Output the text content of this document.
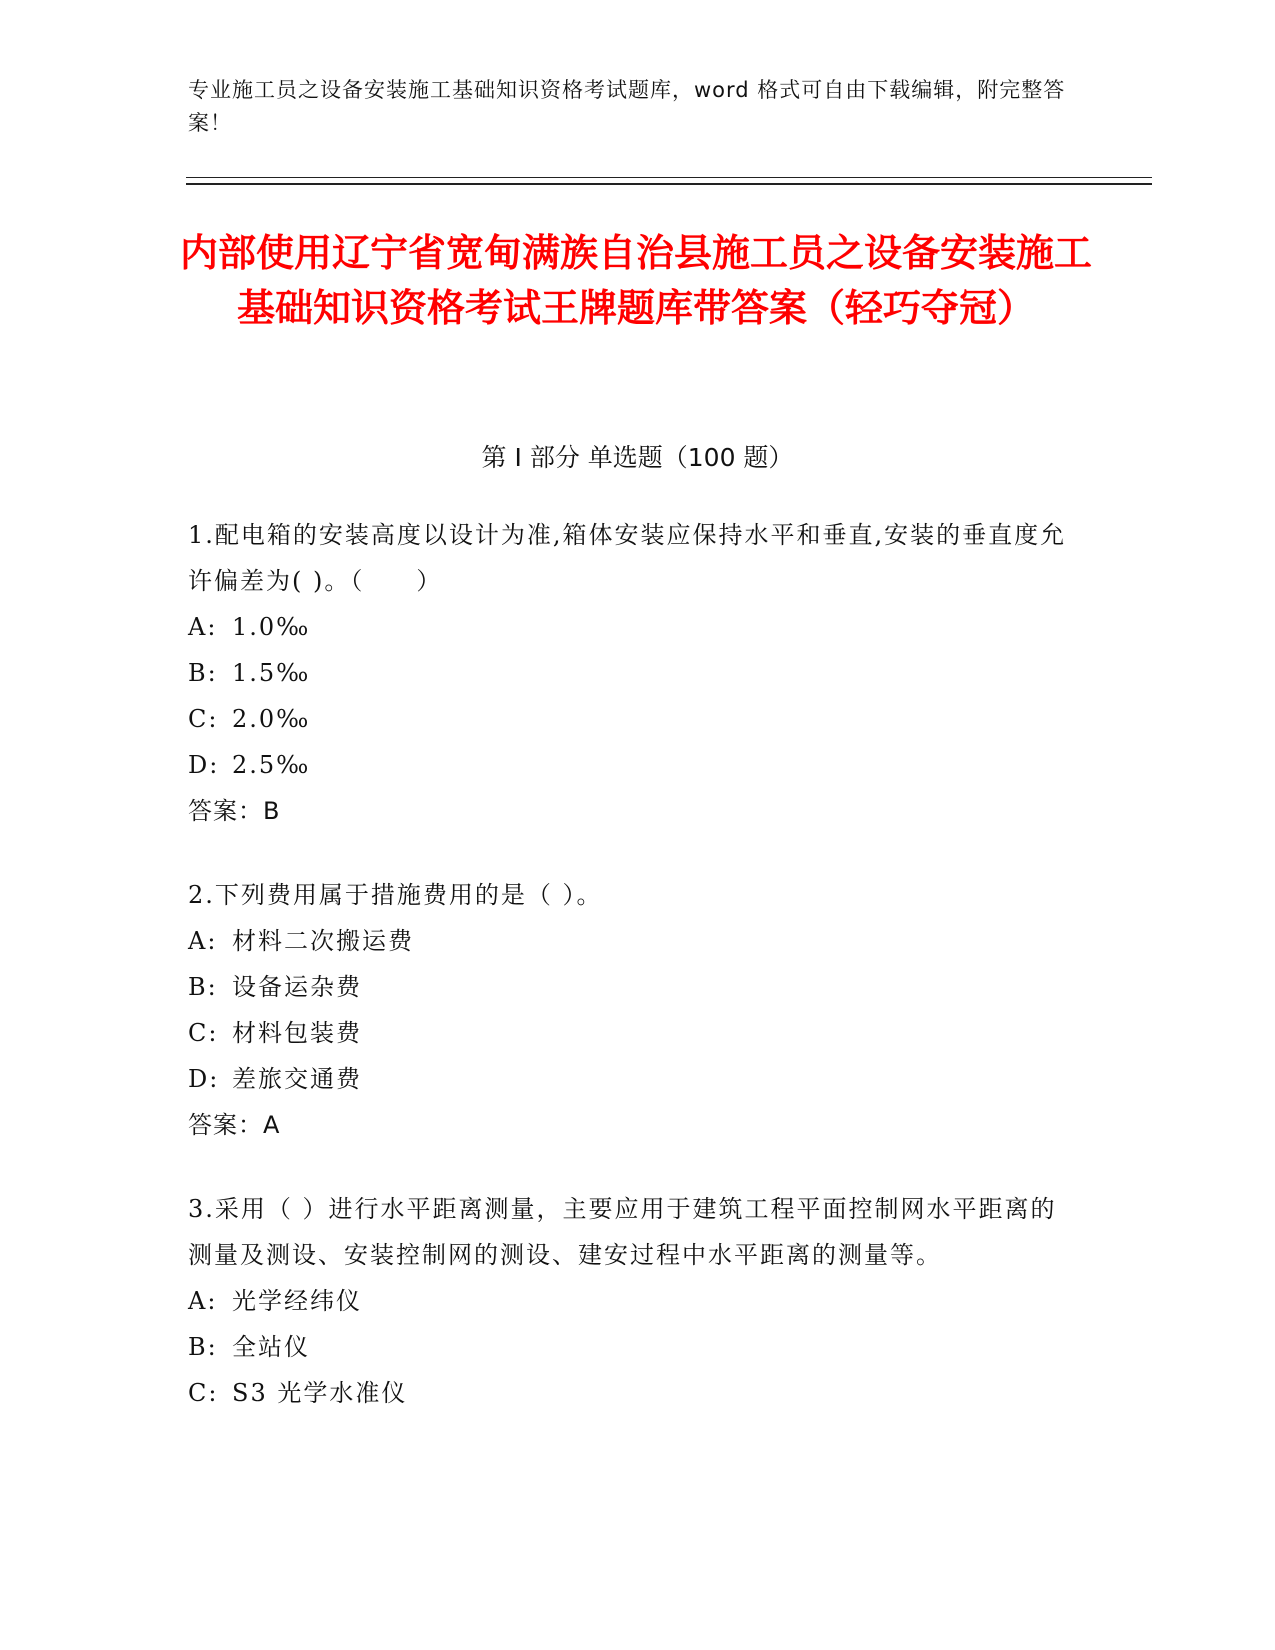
专业施工员之设备安装施工基础知识资格考试题库，word 格式可自由下载编辑，附完整答案！
内部使用辽宁省宽甸满族自治县施工员之设备安装施工基础知识资格考试王牌题库带答案（轻巧夺冠）
第 I 部分 单选题（100 题）
1.配电箱的安装高度以设计为准,箱体安装应保持水平和垂直,安装的垂直度允许偏差为( )。（　　）
A: 1.0‰
B: 1.5‰
C: 2.0‰
D: 2.5‰
答案：B
2.下列费用属于措施费用的是（ ）。
A: 材料二次搬运费
B: 设备运杂费
C: 材料包装费
D: 差旅交通费
答案：A
3.采用（ ）进行水平距离测量，主要应用于建筑工程平面控制网水平距离的测量及测设、安装控制网的测设、建安过程中水平距离的测量等。
A: 光学经纬仪
B: 全站仪
C: S3 光学水准仪
